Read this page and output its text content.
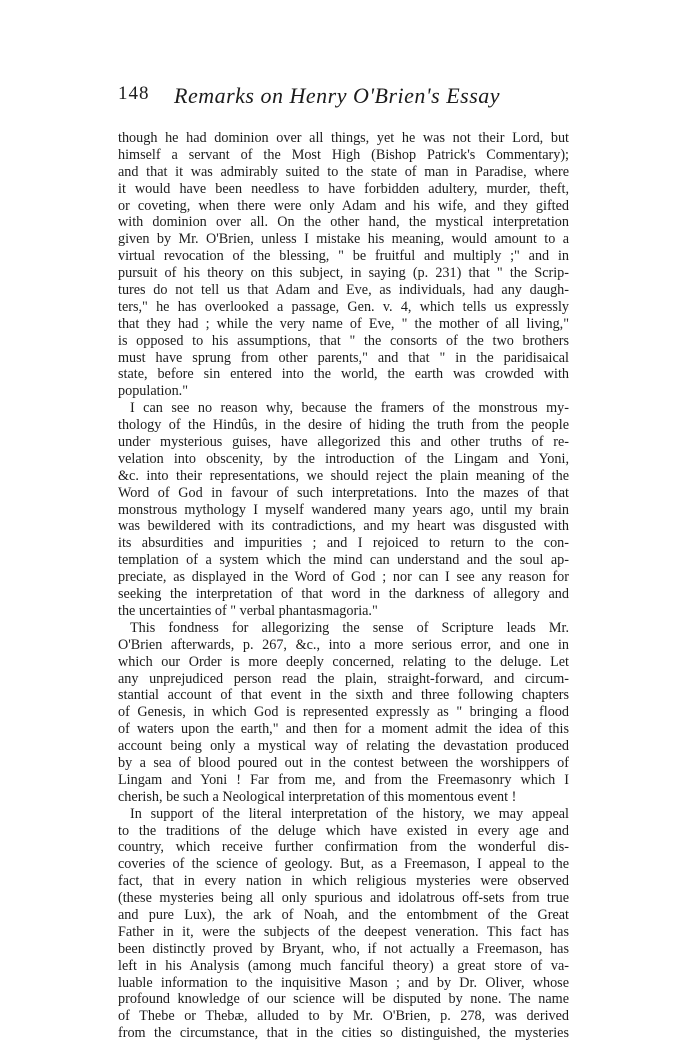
148 Remarks on Henry O'Brien's Essay
though he had dominion over all things, yet he was not their Lord, but
himself a servant of the Most High (Bishop Patrick's Commentary);
and that it was admirably suited to the state of man in Paradise, where
it would have been needless to have forbidden adultery, murder, theft,
or coveting, when there were only Adam and his wife, and they gifted
with dominion over all. On the other hand, the mystical interpretation
given by Mr. O'Brien, unless I mistake his meaning, would amount to a
virtual revocation of the blessing, " be fruitful and multiply ;" and in
pursuit of his theory on this subject, in saying (p. 231) that " the Scrip-
tures do not tell us that Adam and Eve, as individuals, had any daugh-
ters," he has overlooked a passage, Gen. v. 4, which tells us expressly
that they had ; while the very name of Eve, " the mother of all living,"
is opposed to his assumptions, that " the consorts of the two brothers
must have sprung from other parents," and that " in the paridisaical
state, before sin entered into the world, the earth was crowded with
population."
I can see no reason why, because the framers of the monstrous my-
thology of the Hindûs, in the desire of hiding the truth from the people
under mysterious guises, have allegorized this and other truths of re-
velation into obscenity, by the introduction of the Lingam and Yoni,
&c. into their representations, we should reject the plain meaning of the
Word of God in favour of such interpretations. Into the mazes of that
monstrous mythology I myself wandered many years ago, until my brain
was bewildered with its contradictions, and my heart was disgusted with
its absurdities and impurities ; and I rejoiced to return to the con-
templation of a system which the mind can understand and the soul ap-
preciate, as displayed in the Word of God ; nor can I see any reason for
seeking the interpretation of that word in the darkness of allegory and
the uncertainties of " verbal phantasmagoria."
This fondness for allegorizing the sense of Scripture leads Mr.
O'Brien afterwards, p. 267, &c., into a more serious error, and one in
which our Order is more deeply concerned, relating to the deluge. Let
any unprejudiced person read the plain, straight-forward, and circum-
stantial account of that event in the sixth and three following chapters
of Genesis, in which God is represented expressly as " bringing a flood
of waters upon the earth," and then for a moment admit the idea of this
account being only a mystical way of relating the devastation produced
by a sea of blood poured out in the contest between the worshippers of
Lingam and Yoni ! Far from me, and from the Freemasonry which I
cherish, be such a Neological interpretation of this momentous event !
In support of the literal interpretation of the history, we may appeal
to the traditions of the deluge which have existed in every age and
country, which receive further confirmation from the wonderful dis-
coveries of the science of geology. But, as a Freemason, I appeal to the
fact, that in every nation in which religious mysteries were observed
(these mysteries being all only spurious and idolatrous off-sets from true
and pure Lux), the ark of Noah, and the entombment of the Great
Father in it, were the subjects of the deepest veneration. This fact has
been distinctly proved by Bryant, who, if not actually a Freemason, has
left in his Analysis (among much fanciful theory) a great store of va-
luable information to the inquisitive Mason ; and by Dr. Oliver, whose
profound knowledge of our science will be disputed by none. The name
of Thebe or Thebæ, alluded to by Mr. O'Brien, p. 278, was derived
from the circumstance, that in the cities so distinguished, the mysteries
